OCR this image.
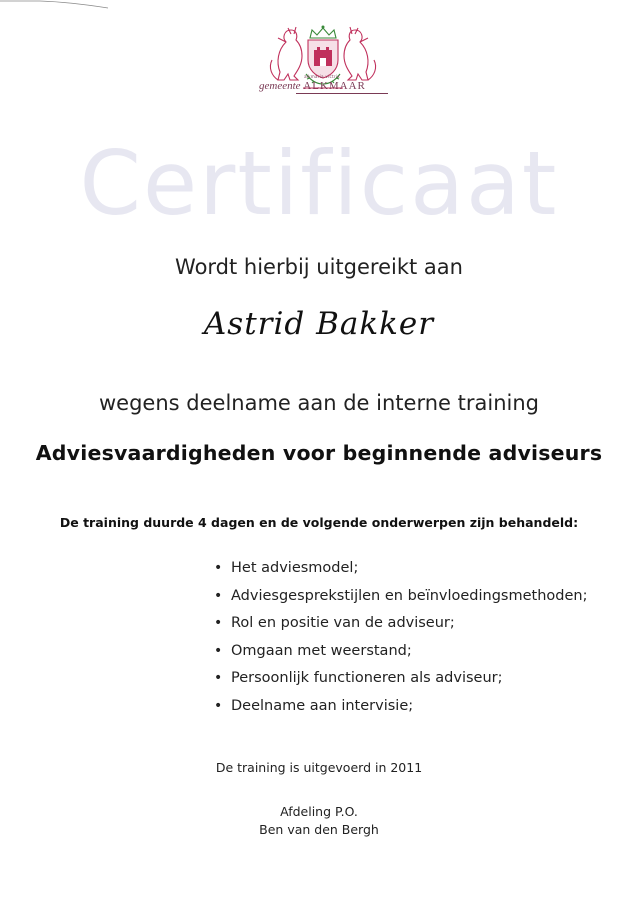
alkmaria victrix
gemeente ALKMAAR
Certificaat
Wordt hierbij uitgereikt aan
Astrid Bakker
wegens deelname aan de interne training
Adviesvaardigheden voor beginnende adviseurs
De training duurde 4 dagen en de volgende onderwerpen zijn behandeld:
• Het adviesmodel;
• Adviesgesprekstijlen en beïnvloedingsmethoden;
• Rol en positie van de adviseur;
• Omgaan met weerstand;
• Persoonlijk functioneren als adviseur;
• Deelname aan intervisie;
De training is uitgevoerd in 2011
Afdeling P.O.
Ben van den Bergh
